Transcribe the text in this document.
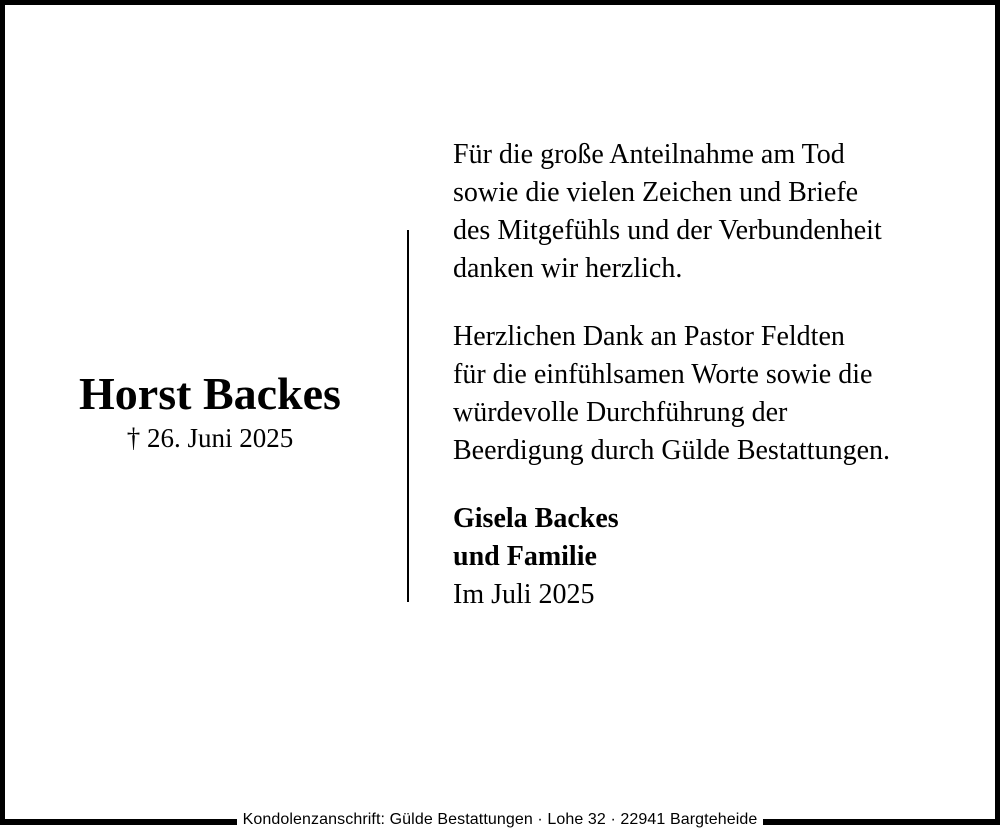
Kondolenzanschrift: Gülde Bestattungen · Lohe 32 · 22941 Bargteheide
Horst Backes
† 26. Juni 2025
Für die große Anteilnahme am Tod
sowie die vielen Zeichen und Briefe
des Mitgefühls und der Verbundenheit
danken wir herzlich.
Herzlichen Dank an Pastor Feldten
für die einfühlsamen Worte sowie die
würdevolle Durchführung der
Beerdigung durch Gülde Bestattungen.
Gisela Backes
und Familie
Im Juli 2025
